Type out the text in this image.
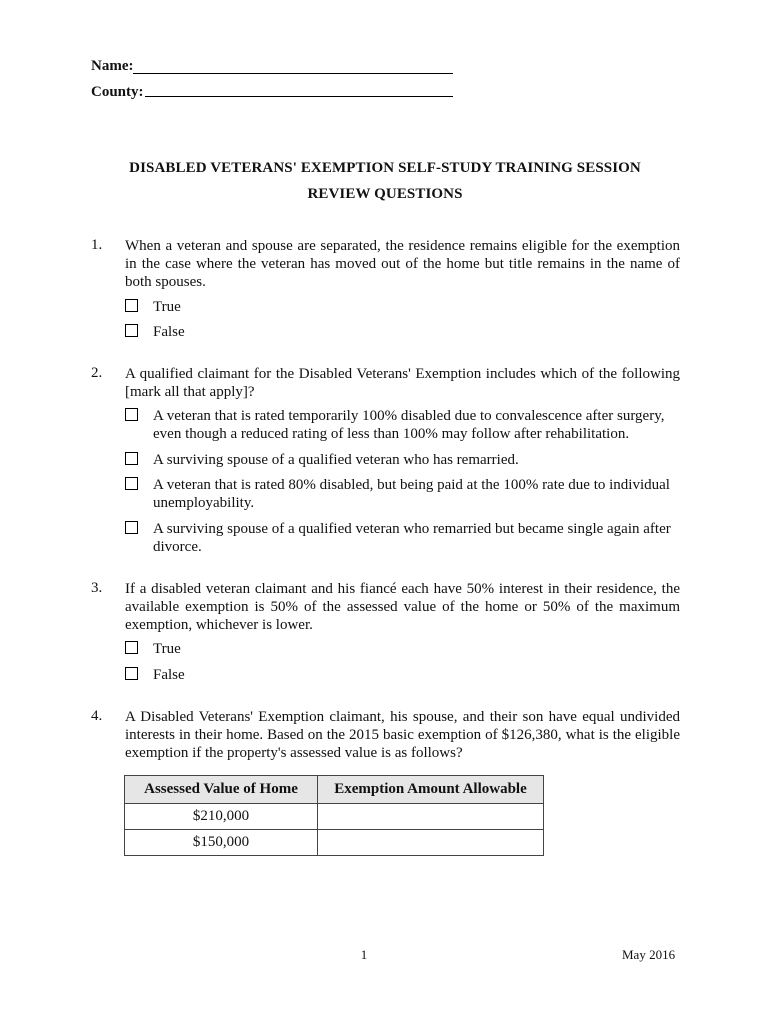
Name:
County:
DISABLED VETERANS' EXEMPTION SELF-STUDY TRAINING SESSION
REVIEW QUESTIONS
1. When a veteran and spouse are separated, the residence remains eligible for the exemption in the case where the veteran has moved out of the home but title remains in the name of both spouses.
True
False
2. A qualified claimant for the Disabled Veterans' Exemption includes which of the following [mark all that apply]?
A veteran that is rated temporarily 100% disabled due to convalescence after surgery, even though a reduced rating of less than 100% may follow after rehabilitation.
A surviving spouse of a qualified veteran who has remarried.
A veteran that is rated 80% disabled, but being paid at the 100% rate due to individual unemployability.
A surviving spouse of a qualified veteran who remarried but became single again after divorce.
3. If a disabled veteran claimant and his fiancé each have 50% interest in their residence, the available exemption is 50% of the assessed value of the home or 50% of the maximum exemption, whichever is lower.
True
False
4. A Disabled Veterans' Exemption claimant, his spouse, and their son have equal undivided interests in their home. Based on the 2015 basic exemption of $126,380, what is the eligible exemption if the property's assessed value is as follows?
Assessed Value of Home	Exemption Amount Allowable
$210,000	
$150,000	
1	May 2016
